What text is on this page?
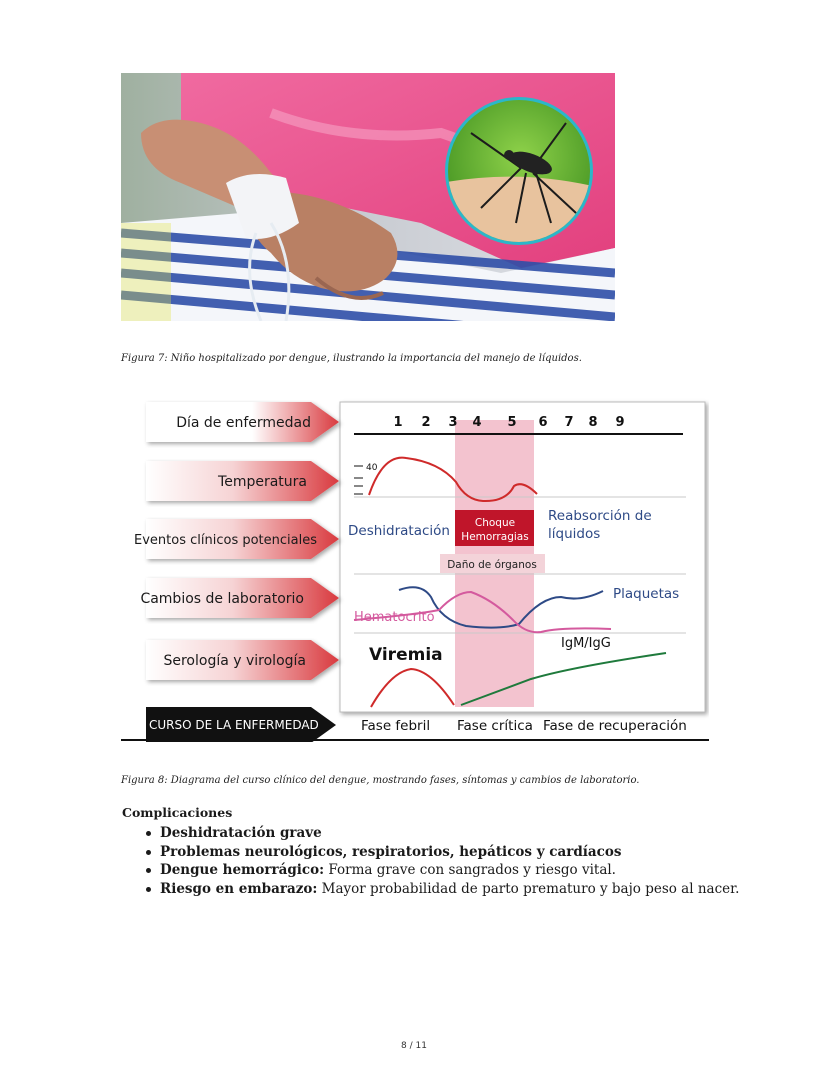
Figura 7: Niño hospitalizado por dengue, ilustrando la importancia del manejo de líquidos.
Día de enfermedad
Temperatura
Eventos clínicos potenciales
Cambios de laboratorio
Serología y virología
CURSO DE LA ENFERMEDAD
1 2 3 4 5 6 7 8 9
40
Deshidratación Choque
Hemorragias
Reabsorción de
líquidos
Daño de órganos
Hematocrito
Plaquetas
Viremia
IgM/IgG
Fase febril Fase crítica Fase de recuperación
Figura 8: Diagrama del curso clínico del dengue, mostrando fases, síntomas y cambios de laboratorio.
Complicaciones
Deshidratación grave
Problemas neurológicos, respiratorios, hepáticos y cardíacos
Dengue hemorrágico: Forma grave con sangrados y riesgo vital.
Riesgo en embarazo: Mayor probabilidad de parto prematuro y bajo peso al nacer.
8 / 11
